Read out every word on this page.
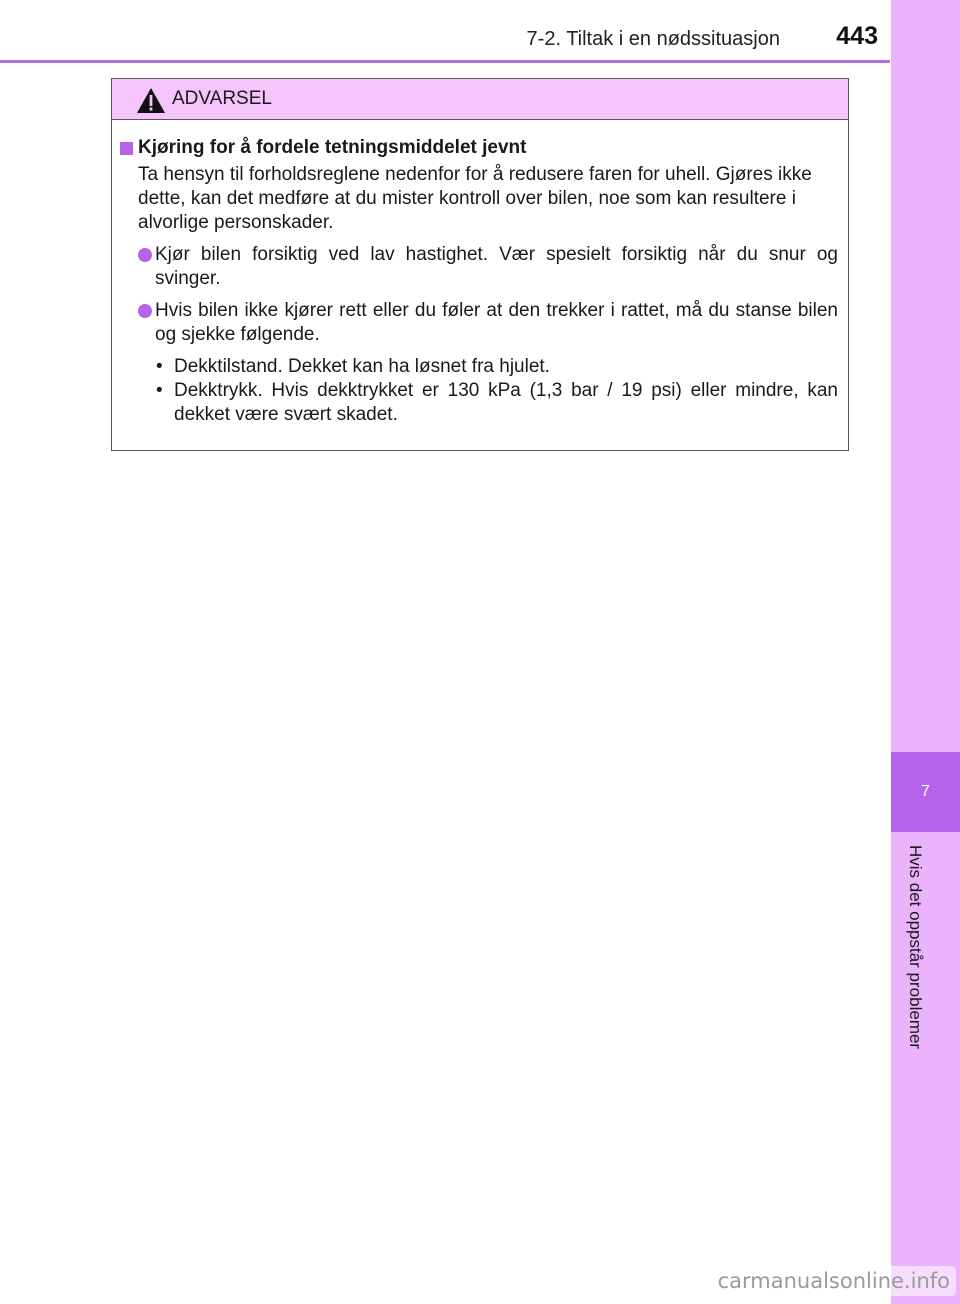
7-2. Tiltak i en nødssituasjon 443
7
Hvis det oppstår problemer
ADVARSEL
Kjøring for å fordele tetningsmiddelet jevnt
Ta hensyn til forholdsreglene nedenfor for å redusere faren for uhell. Gjøres ikke dette, kan det medføre at du mister kontroll over bilen, noe som kan resultere i alvorlige personskader.
Kjør bilen forsiktig ved lav hastighet. Vær spesielt forsiktig når du snur og svinger.
Hvis bilen ikke kjører rett eller du føler at den trekker i rattet, må du stanse bilen og sjekke følgende.
• Dekktilstand. Dekket kan ha løsnet fra hjulet.
• Dekktrykk. Hvis dekktrykket er 130 kPa (1,3 bar / 19 psi) eller mindre, kan dekket være svært skadet.
carmanualsonline.info
